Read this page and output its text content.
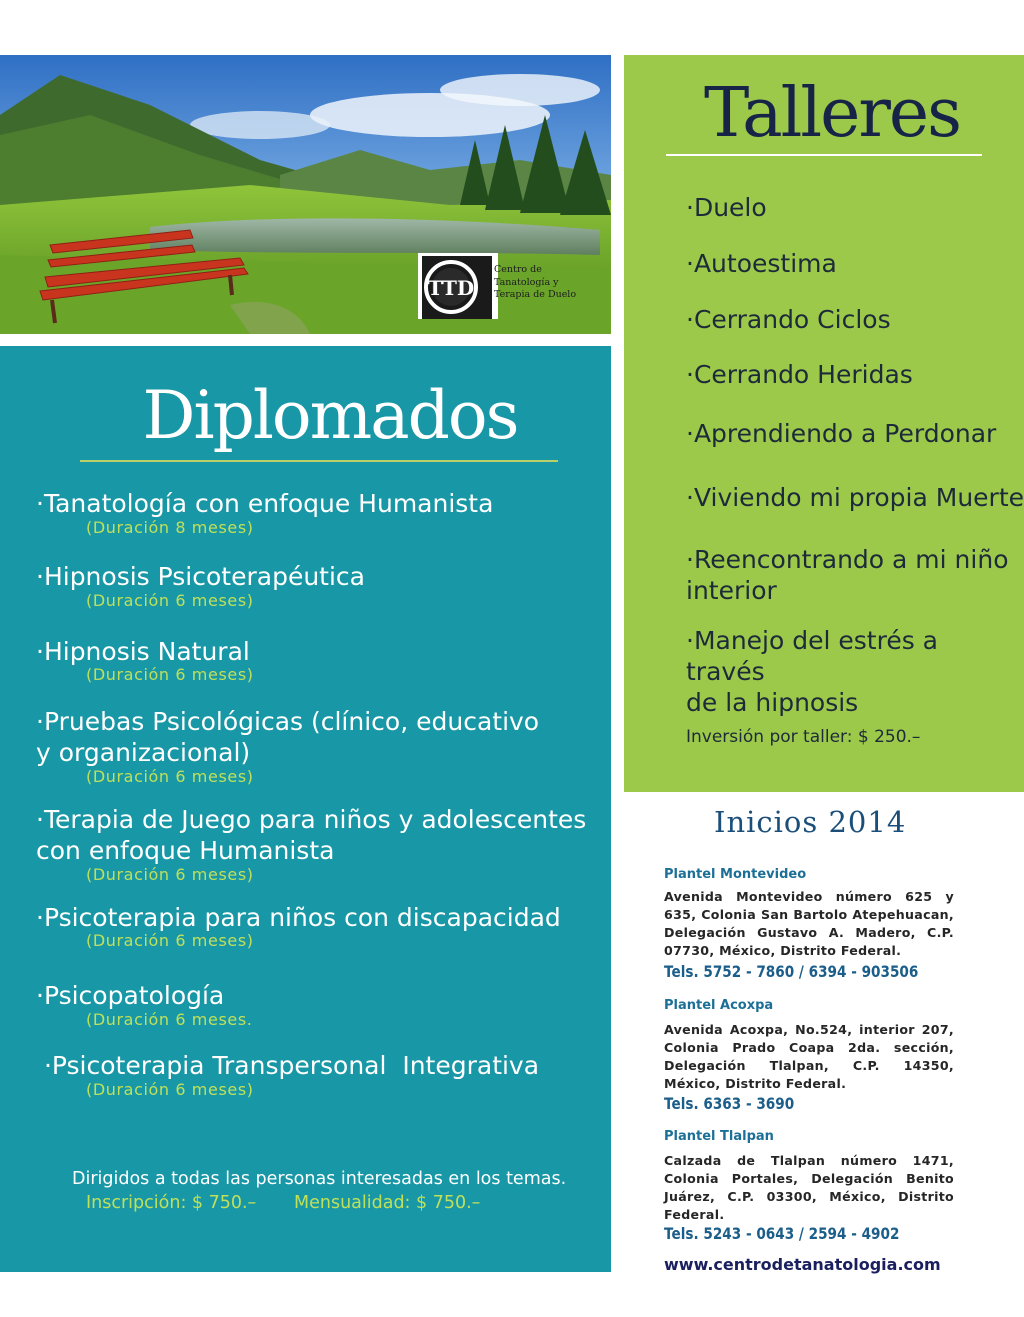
TTD
Centro de
Tanatología y
Terapia de Duelo
Diplomados
·Tanatología con enfoque Humanista
(Duración 8 meses)
·Hipnosis Psicoterapéutica
(Duración 6 meses)
·Hipnosis Natural
(Duración 6 meses)
·Pruebas Psicológicas (clínico, educativo
y organizacional)
(Duración 6 meses)
·Terapia de Juego para niños y adolescentes
con enfoque Humanista
(Duración 6 meses)
·Psicoterapia para niños con discapacidad
(Duración 6 meses)
·Psicopatología
(Duración 6 meses.
·Psicoterapia Transpersonal  Integrativa
(Duración 6 meses)
Dirigidos a todas las personas interesadas en los temas.
Inscripción: $ 750.– Mensualidad: $ 750.–
Talleres
·Duelo
·Autoestima
·Cerrando Ciclos
·Cerrando Heridas
·Aprendiendo a Perdonar
·Viviendo mi propia Muerte
·Reencontrando a mi niño
interior
·Manejo del estrés a través
de la hipnosis
Inversión por taller: $ 250.–
Inicios 2014
Plantel Montevideo
Avenida Montevideo número 625 y 635, Colonia San Bartolo Atepehuacan, Delegación Gustavo A. Madero, C.P. 07730, México, Distrito Federal.
Tels. 5752 - 7860 / 6394 - 903506
Plantel Acoxpa
Avenida Acoxpa, No.524, interior 207, Colonia Prado Coapa 2da. sección, Delegación Tlalpan, C.P. 14350, México, Distrito Federal.
Tels. 6363 - 3690
Plantel Tlalpan
Calzada de Tlalpan número 1471, Colonia Portales, Delegación Benito Juárez, C.P. 03300, México, Distrito Federal.
Tels. 5243 - 0643 / 2594 - 4902
www.centrodetanatologia.com
